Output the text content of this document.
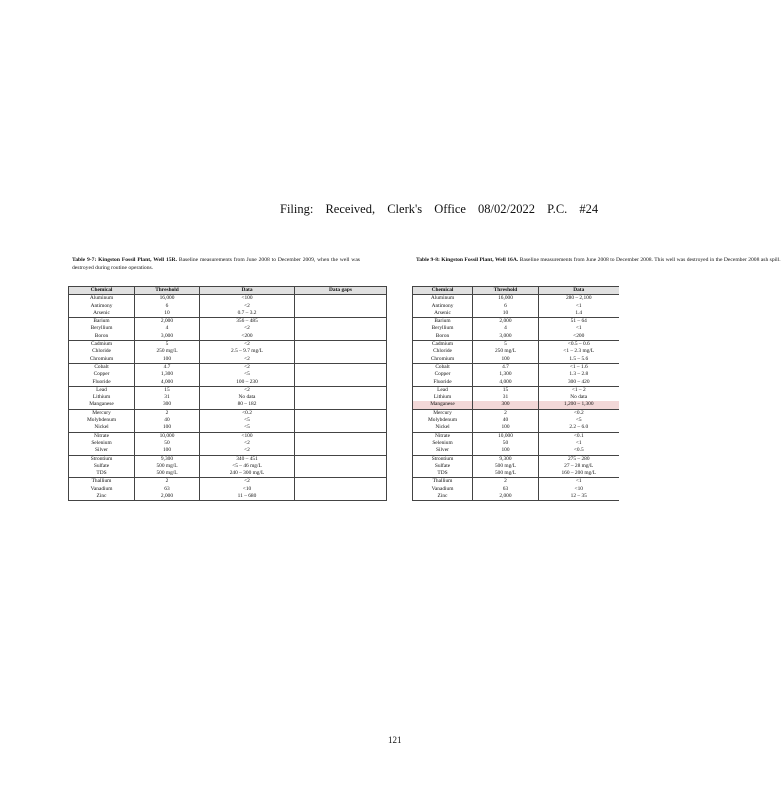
Filing: Received, Clerk's Office 08/02/2022 P.C. #24
Table 9-7: Kingston Fossil Plant, Well 15R. Baseline measurements from June 2008 to December 2009, when the well was destroyed during routine operations.
Table 9-8: Kingston Fossil Plant, Well 16A. Baseline measurements from June 2008 to December 2008. This well was destroyed in the December 2008 ash spill.
Chemical	Threshold	Data	Data gaps
Aluminum	16,000	<100	
Antimony	6	<2	
Arsenic	10	0.7 – 3.2	
Barium	2,000	356 – 485	
Beryllium	4	<2	
Boron	3,000	<200	
Cadmium	5	<2	
Chloride	250 mg/L	2.5 – 9.7 mg/L	
Chromium	100	<2	
Cobalt	4.7	<2	
Copper	1,300	<5	
Fluoride	4,000	100 – 230	
Lead	15	<2	
Lithium	31	No data	
Manganese	300	80 – 182	
Mercury	2	<0.2	
Molybdenum	40	<5	
Nickel	100	<5	
Nitrate	10,000	<100	
Selenium	50	<2	
Silver	100	<2	
Strontium	9,300	340 – 451	
Sulfate	500 mg/L	<5 – 46 mg/L	
TDS	500 mg/L	240 – 300 mg/L	
Thallium	2	<2	
Vanadium	63	<10	
Zinc	2,000	11 – 680	
Chemical	Threshold	Data
Aluminum	16,000	280 – 2,100
Antimony	6	<1
Arsenic	10	1.4
Barium	2,000	51 – 64
Beryllium	4	<1
Boron	3,000	<200
Cadmium	5	<0.5 – 0.6
Chloride	250 mg/L	<1 – 2.3 mg/L
Chromium	100	1.5 – 5.6
Cobalt	4.7	<1 – 1.6
Copper	1,300	1.3 – 2.8
Fluoride	4,000	300 – 420
Lead	15	<1 – 2
Lithium	31	No data
Manganese	300	1,200 – 1,300
Mercury	2	<0.2
Molybdenum	40	<5
Nickel	100	2.2 – 6.0
Nitrate	10,000	<0.1
Selenium	50	<1
Silver	100	<0.5
Strontium	9,300	275 – 280
Sulfate	500 mg/L	27 – 28 mg/L
TDS	500 mg/L	160 – 200 mg/L
Thallium	2	<1
Vanadium	63	<10
Zinc	2,000	12 – 35
121
